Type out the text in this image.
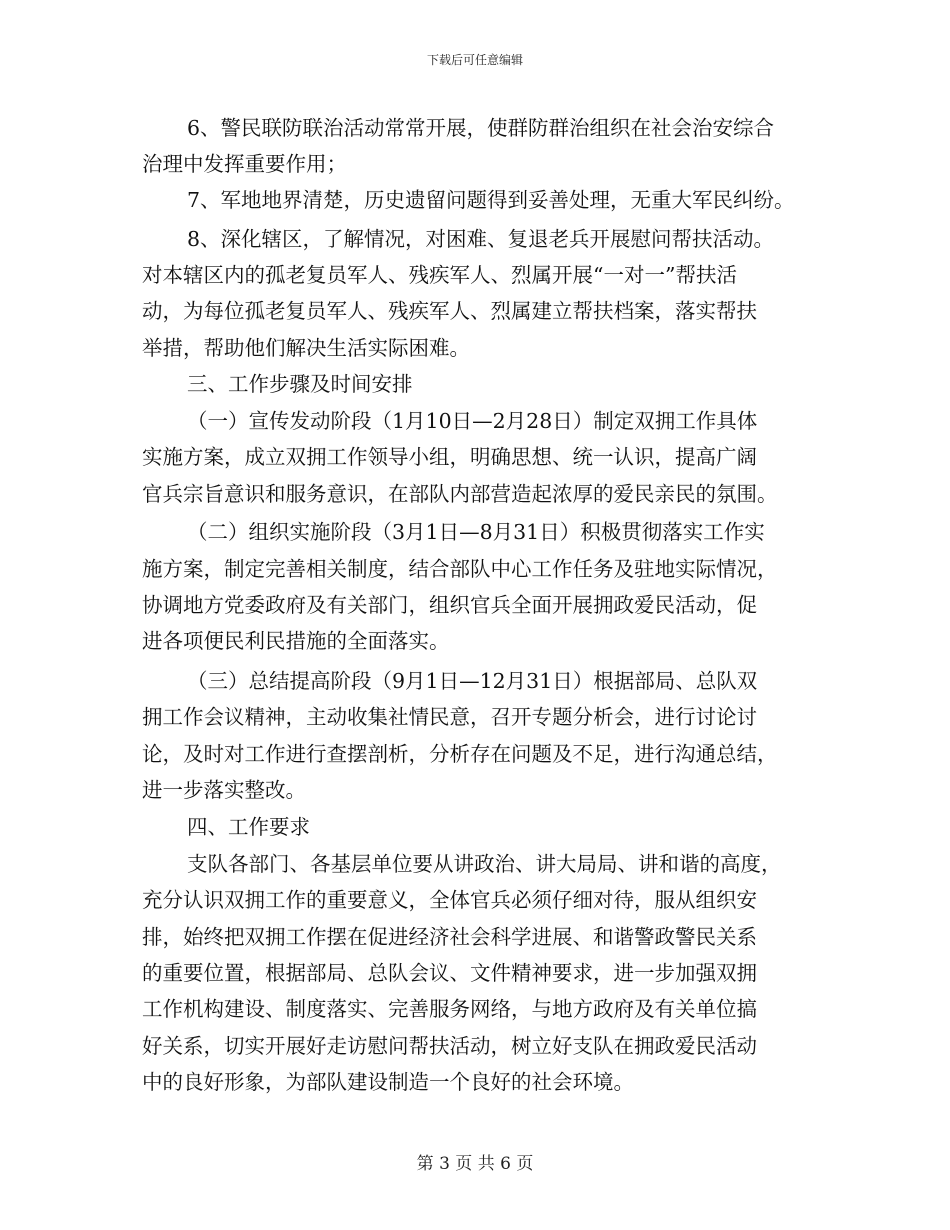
下载后可任意编辑
6、警民联防联治活动常常开展，使群防群治组织在社会治安综合
治理中发挥重要作用；
7、军地地界清楚，历史遗留问题得到妥善处理，无重大军民纠纷。
8、深化辖区，了解情况，对困难、复退老兵开展慰问帮扶活动。
对本辖区内的孤老复员军人、残疾军人、烈属开展“一对一”帮扶活
动，为每位孤老复员军人、残疾军人、烈属建立帮扶档案，落实帮扶
举措，帮助他们解决生活实际困难。
三、工作步骤及时间安排
（一）宣传发动阶段（1月10日—2月28日）制定双拥工作具体
实施方案，成立双拥工作领导小组，明确思想、统一认识，提高广阔
官兵宗旨意识和服务意识，在部队内部营造起浓厚的爱民亲民的氛围。
（二）组织实施阶段（3月1日—8月31日）积极贯彻落实工作实
施方案，制定完善相关制度，结合部队中心工作任务及驻地实际情况，
协调地方党委政府及有关部门，组织官兵全面开展拥政爱民活动，促
进各项便民利民措施的全面落实。
（三）总结提高阶段（9月1日—12月31日）根据部局、总队双
拥工作会议精神，主动收集社情民意，召开专题分析会，进行讨论讨
论，及时对工作进行查摆剖析，分析存在问题及不足，进行沟通总结，
进一步落实整改。
四、工作要求
支队各部门、各基层单位要从讲政治、讲大局局、讲和谐的高度，
充分认识双拥工作的重要意义，全体官兵必须仔细对待，服从组织安
排，始终把双拥工作摆在促进经济社会科学进展、和谐警政警民关系
的重要位置，根据部局、总队会议、文件精神要求，进一步加强双拥
工作机构建设、制度落实、完善服务网络，与地方政府及有关单位搞
好关系，切实开展好走访慰问帮扶活动，树立好支队在拥政爱民活动
中的良好形象，为部队建设制造一个良好的社会环境。
第 3 页 共 6 页
